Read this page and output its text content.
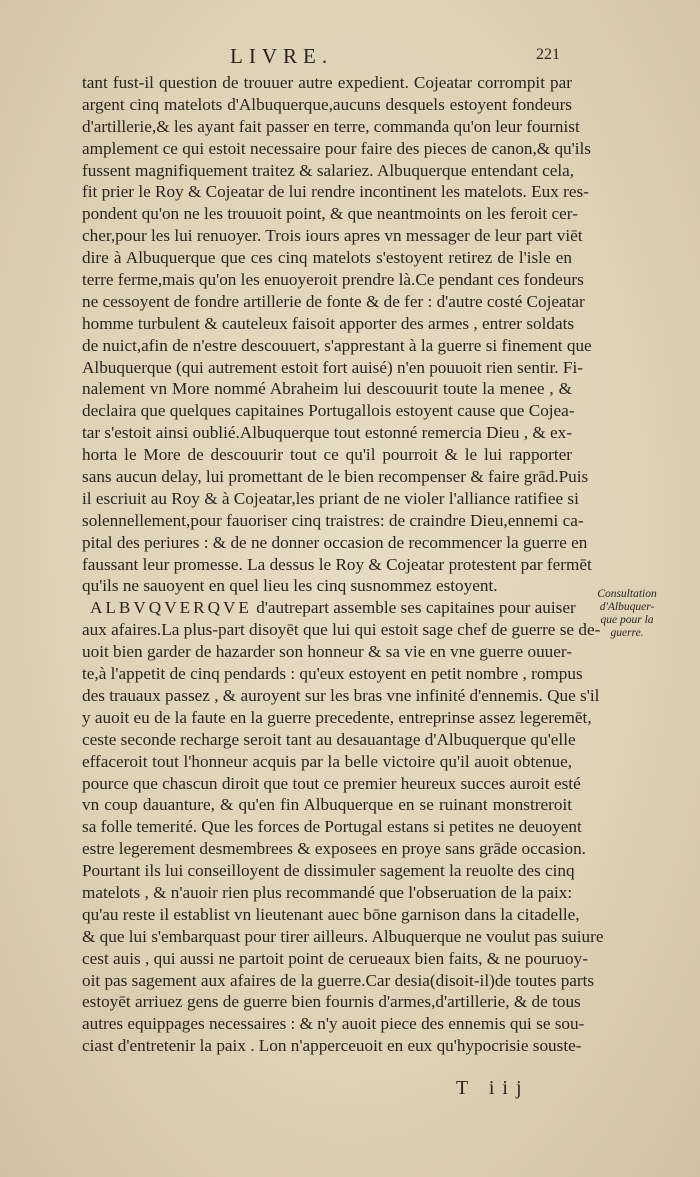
LIVRE.	221
tant fust-il question de trouuer autre expedient. Cojeatar corrompit par
argent cinq matelots d'Albuquerque,aucuns desquels estoyent fondeurs
d'artillerie,& les ayant fait passer en terre, commanda qu'on leur fournist
amplement ce qui estoit necessaire pour faire des pieces de canon,& qu'ils
fussent magnifiquement traitez & salariez. Albuquerque entendant cela,
fit prier le Roy & Cojeatar de lui rendre incontinent les matelots. Eux res-
pondent qu'on ne les trouuoit point, & que neantmoints on les feroit cer-
cher,pour les lui renuoyer. Trois iours apres vn messager de leur part viēt
dire à Albuquerque que ces cinq matelots s'estoyent retirez de l'isle en
terre ferme,mais qu'on les enuoyeroit prendre là.Ce pendant ces fondeurs
ne cessoyent de fondre artillerie de fonte & de fer : d'autre costé Cojeatar
homme turbulent & cauteleux faisoit apporter des armes , entrer soldats
de nuict,afin de n'estre descouuert, s'apprestant à la guerre si finement que
Albuquerque (qui autrement estoit fort auisé) n'en pouuoit rien sentir. Fi-
nalement vn More nommé Abraheim lui descouurit toute la menee , &
declaira que quelques capitaines Portugallois estoyent cause que Cojea-
tar s'estoit ainsi oublié.Albuquerque tout estonné remercia Dieu , & ex-
horta le More de descouurir tout ce qu'il pourroit & le lui rapporter
sans aucun delay, lui promettant de le bien recompenser & faire grād.Puis
il escriuit au Roy & à Cojeatar,les priant de ne violer l'alliance ratifiee si
solennellement,pour fauoriser cinq traistres: de craindre Dieu,ennemi ca-
pital des periures : & de ne donner occasion de recommencer la guerre en
faussant leur promesse. La dessus le Roy & Cojeatar protestent par fermēt
qu'ils ne sauoyent en quel lieu les cinq susnommez estoyent.
ALBVQVERQVE d'autrepart assemble ses capitaines pour auiser
aux afaires.La plus-part disoyēt que lui qui estoit sage chef de guerre se de-
uoit bien garder de hazarder son honneur & sa vie en vne guerre ouuer-
te,à l'appetit de cinq pendards : qu'eux estoyent en petit nombre , rompus
des trauaux passez , & auroyent sur les bras vne infinité d'ennemis. Que s'il
y auoit eu de la faute en la guerre precedente, entreprinse assez legeremēt,
ceste seconde recharge seroit tant au desauantage d'Albuquerque qu'elle
effaceroit tout l'honneur acquis par la belle victoire qu'il auoit obtenue,
pource que chascun diroit que tout ce premier heureux succes auroit esté
vn coup dauanture, & qu'en fin Albuquerque en se ruinant monstreroit
sa folle temerité. Que les forces de Portugal estans si petites ne deuoyent
estre legerement desmembrees & exposees en proye sans grāde occasion.
Pourtant ils lui conseilloyent de dissimuler sagement la reuolte des cinq
matelots , & n'auoir rien plus recommandé que l'obseruation de la paix:
qu'au reste il establist vn lieutenant auec bōne garnison dans la citadelle,
& que lui s'embarquast pour tirer ailleurs. Albuquerque ne voulut pas suiure
cest auis , qui aussi ne partoit point de cerueaux bien faits, & ne pouruoy-
oit pas sagement aux afaires de la guerre.Car desia(disoit-il)de toutes parts
estoyēt arriuez gens de guerre bien fournis d'armes,d'artillerie, & de tous
autres equippages necessaires : & n'y auoit piece des ennemis qui se sou-
ciast d'entretenir la paix . Lon n'apperceuoit en eux qu'hypocrisie souste-
Consultation
d'Albuquer-
que pour la
guerre.
T iij
